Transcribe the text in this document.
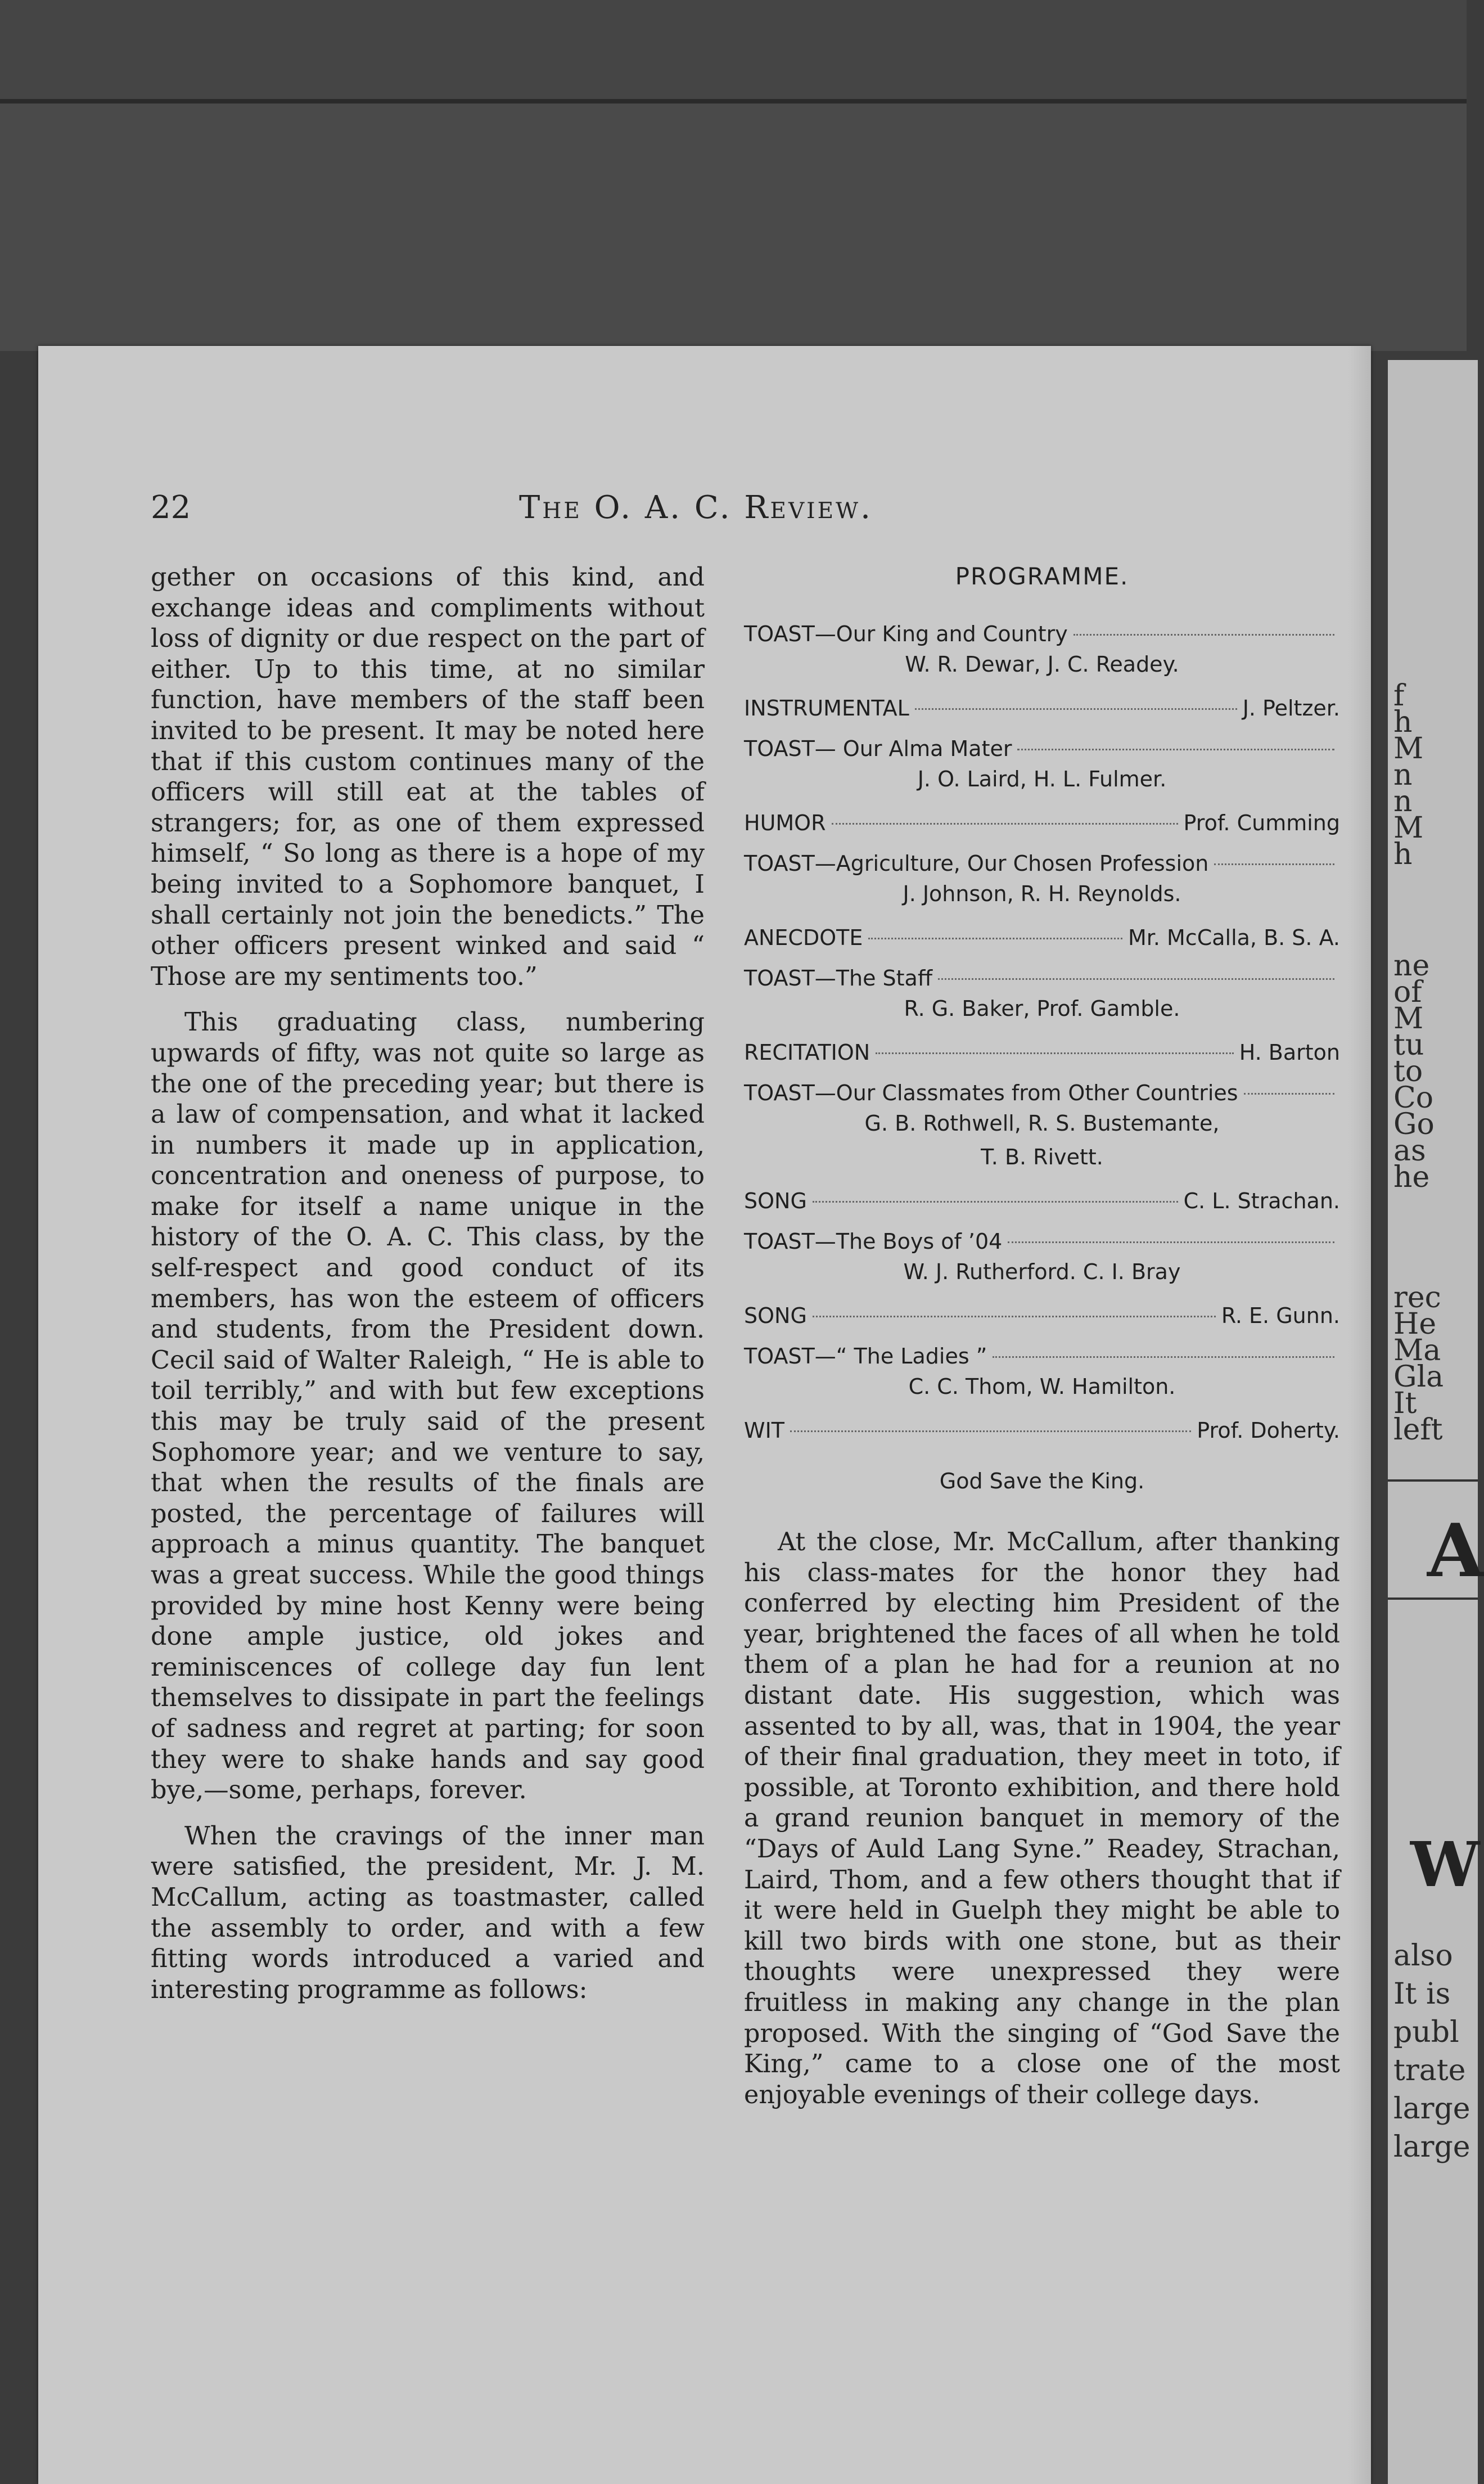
22	The O. A. C. Review.

gether on occasions of this kind, and exchange ideas and compliments without loss of dignity or due respect on the part of either. Up to this time, at no similar function, have members of the staff been invited to be present. It may be noted here that if this custom continues many of the officers will still eat at the tables of strangers; for, as one of them expressed himself, “ So long as there is a hope of my being invited to a Sophomore banquet, I shall certainly not join the benedicts.” The other officers present winked and said “ Those are my sentiments too.”

This graduating class, numbering upwards of fifty, was not quite so large as the one of the preceding year; but there is a law of compensation, and what it lacked in numbers it made up in application, concentration and oneness of purpose, to make for itself a name unique in the history of the O. A. C. This class, by the self-respect and good conduct of its members, has won the esteem of officers and students, from the President down. Cecil said of Walter Raleigh, “ He is able to toil terribly,” and with but few exceptions this may be truly said of the present Sophomore year; and we venture to say, that when the results of the finals are posted, the percentage of failures will approach a minus quantity. The banquet was a great success. While the good things provided by mine host Kenny were being done ample justice, old jokes and reminiscences of college day fun lent themselves to dissipate in part the feelings of sadness and regret at parting; for soon they were to shake hands and say good bye,—some, perhaps, forever.

When the cravings of the inner man were satisfied, the president, Mr. J. M. McCallum, acting as toastmaster, called the assembly to order, and with a few fitting words introduced a varied and interesting programme as follows:

PROGRAMME.
TOAST—Our King and Country
W. R. Dewar, J. C. Readey.
INSTRUMENTAL	J. Peltzer.
TOAST— Our Alma Mater
J. O. Laird, H. L. Fulmer.
HUMOR	Prof. Cumming
TOAST—Agriculture, Our Chosen Profession
J. Johnson, R. H. Reynolds.
ANECDOTE	Mr. McCalla, B. S. A.
TOAST—The Staff
R. G. Baker, Prof. Gamble.
RECITATION	H. Barton
TOAST—Our Classmates from Other Countries
G. B. Rothwell, R. S. Bustemante,
T. B. Rivett.
SONG	C. L. Strachan.
TOAST—The Boys of ’04
W. J. Rutherford. C. I. Bray
SONG	R. E. Gunn.
TOAST—“ The Ladies ”
C. C. Thom, W. Hamilton.
WIT	Prof. Doherty.
God Save the King.

At the close, Mr. McCallum, after thanking his class-mates for the honor they had conferred by electing him President of the year, brightened the faces of all when he told them of a plan he had for a reunion at no distant date. His suggestion, which was assented to by all, was, that in 1904, the year of their final graduation, they meet in toto, if possible, at Toronto exhibition, and there hold a grand reunion banquet in memory of the “Days of Auld Lang Syne.” Readey, Strachan, Laird, Thom, and a few others thought that if it were held in Guelph they might be able to kill two birds with one stone, but as their thoughts were unexpressed they were fruitless in making any change in the plan proposed. With the singing of “God Save the King,” came to a close one of the most enjoyable evenings of their college days.

f
h
M
n
n
M
h
ne
of
M
tu
to
Co
Go
as
he
rec
He
Ma
Gla
It
left
A
W
also
It is
publ
trate
large
large
